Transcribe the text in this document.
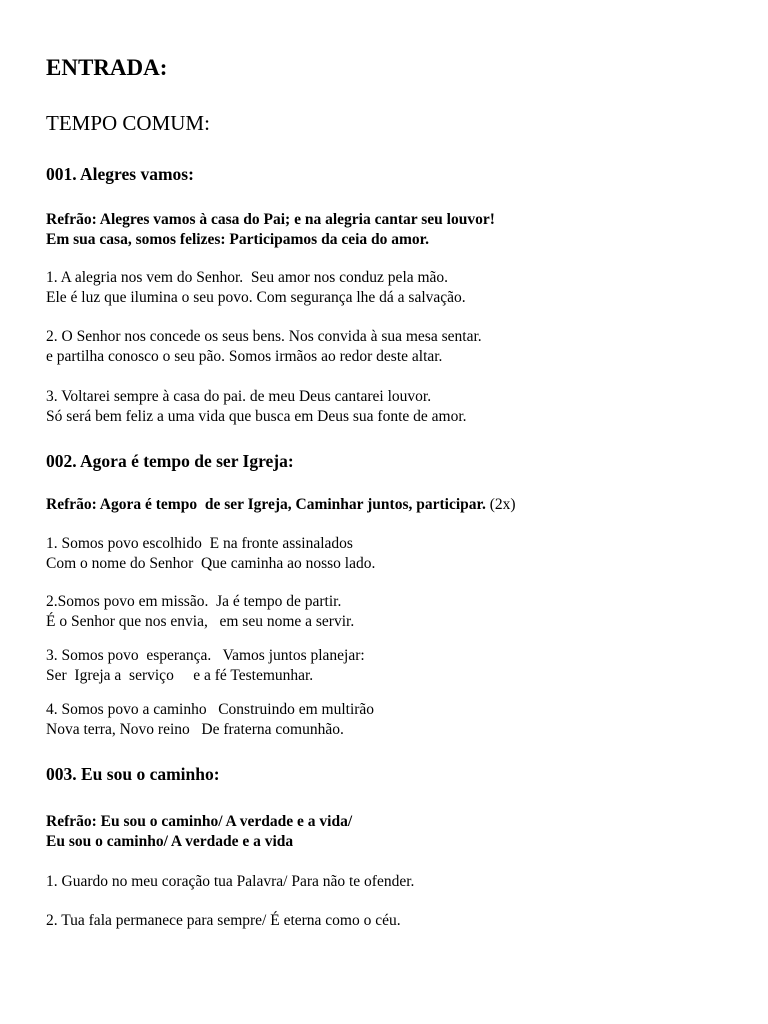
ENTRADA:
TEMPO COMUM:
001. Alegres vamos:

Refrão: Alegres vamos à casa do Pai; e na alegria cantar seu louvor!

Em sua casa, somos felizes: Participamos da ceia do amor.

1. A alegria nos vem do Senhor.  Seu amor nos conduz pela mão.

Ele é luz que ilumina o seu povo. Com segurança lhe dá a salvação.

2. O Senhor nos concede os seus bens. Nos convida à sua mesa sentar.

e partilha conosco o seu pão. Somos irmãos ao redor deste altar.

3. Voltarei sempre à casa do pai. de meu Deus cantarei louvor.

Só será bem feliz a uma vida que busca em Deus sua fonte de amor.

002. Agora é tempo de ser Igreja:

Refrão: Agora é tempo  de ser Igreja, Caminhar juntos, participar. (2x)

1. Somos povo escolhido  E na fronte assinalados

Com o nome do Senhor  Que caminha ao nosso lado.

2.Somos povo em missão.  Ja é tempo de partir.

É o Senhor que nos envia,   em seu nome a servir.

3. Somos povo  esperança.   Vamos juntos planejar:

Ser  Igreja a  serviço     e a fé Testemunhar.

4. Somos povo a caminho   Construindo em multirão

Nova terra, Novo reino   De fraterna comunhão.

003. Eu sou o caminho:

Refrão: Eu sou o caminho/ A verdade e a vida/

Eu sou o caminho/ A verdade e a vida

1. Guardo no meu coração tua Palavra/ Para não te ofender.

2. Tua fala permanece para sempre/ É eterna como o céu.
